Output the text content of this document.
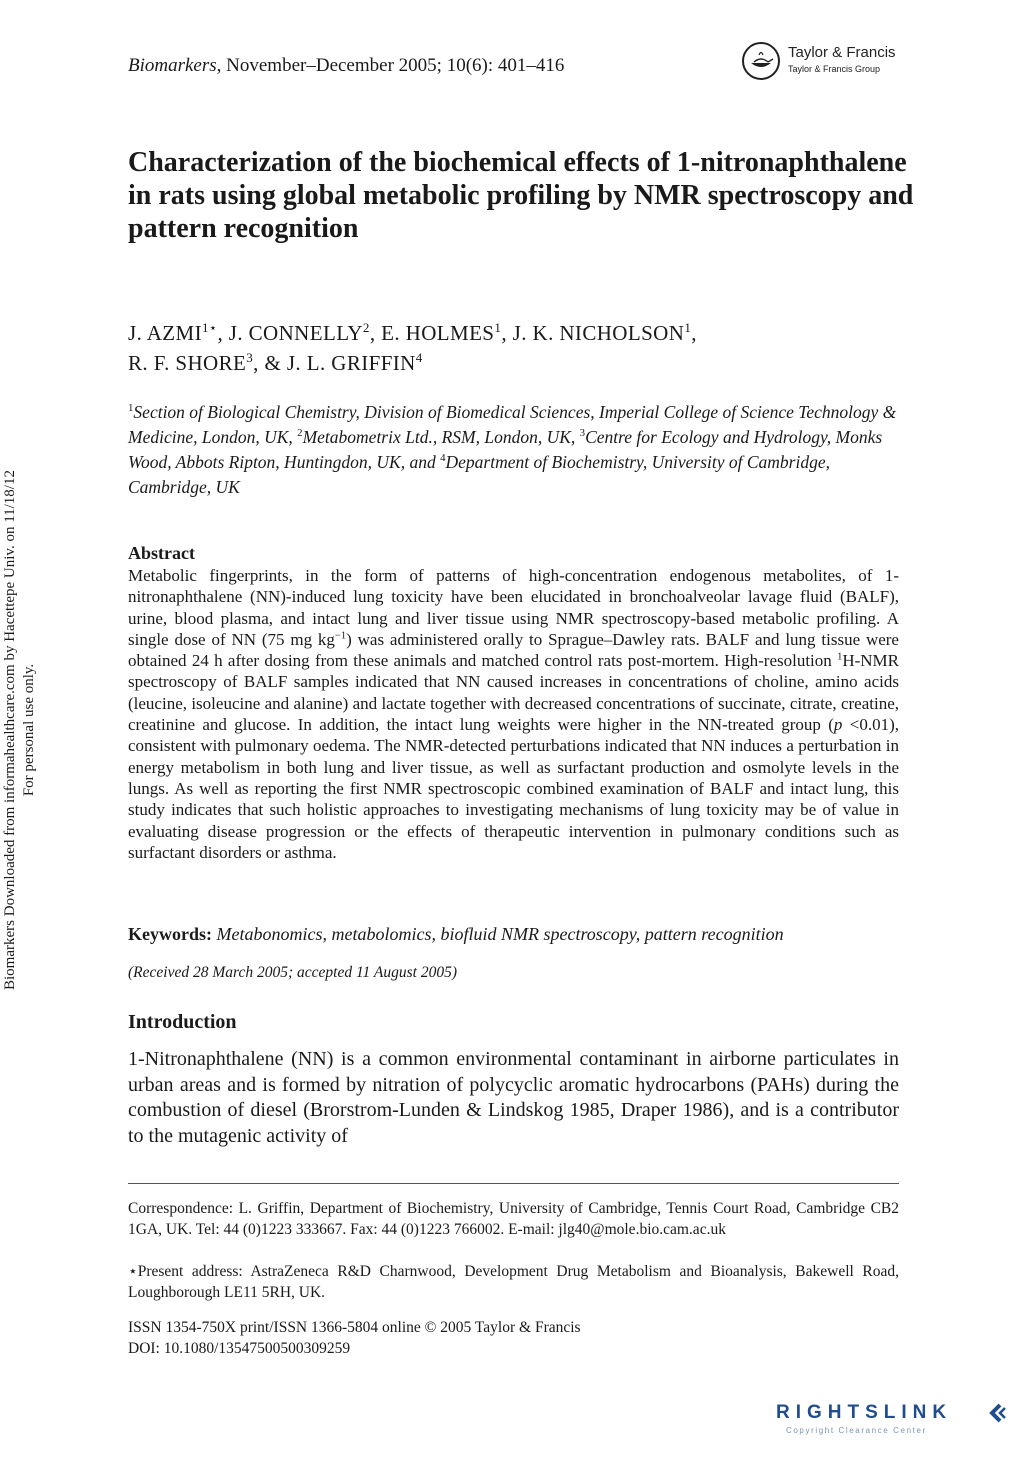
Biomarkers, November–December 2005; 10(6): 401–416
Taylor & Francis
Taylor & Francis Group
Characterization of the biochemical effects of 1-nitronaphthalene in rats using global metabolic profiling by NMR spectroscopy and pattern recognition
J. $AZMI^{1⋆}$, J. CONNELLY$^2$, E. HOLMES$^1$, J. K. NICHOLSON$^1$,
R. F. SHORE$^3$, & J. L. GRIFFIN$^4$
$^1$Section of Biological Chemistry, Division of Biomedical Sciences, Imperial College of Science Technology & Medicine, London, UK, $^2$Metabometrix Ltd., RSM, London, UK, $^3$Centre for Ecology and Hydrology, Monks Wood, Abbots Ripton, Huntingdon, UK, and $^4$Department of Biochemistry, University of Cambridge, Cambridge, UK
Abstract
Metabolic fingerprints, in the form of patterns of high-concentration endogenous metabolites, of 1-nitronaphthalene (NN)-induced lung toxicity have been elucidated in bronchoalveolar lavage fluid (BALF), urine, blood plasma, and intact lung and liver tissue using NMR spectroscopy-based metabolic profiling. A single dose of NN (75 mg $kg^{-1}$) was administered orally to Sprague–Dawley rats. BALF and lung tissue were obtained 24 h after dosing from these animals and matched control rats post-mortem. High-resolution $^1$H-NMR spectroscopy of BALF samples indicated that NN caused increases in concentrations of choline, amino acids (leucine, isoleucine and alanine) and lactate together with decreased concentrations of succinate, citrate, creatine, creatinine and glucose. In addition, the intact lung weights were higher in the NN-treated group (p <0.01), consistent with pulmonary oedema. The NMR-detected perturbations indicated that NN induces a perturbation in energy metabolism in both lung and liver tissue, as well as surfactant production and osmolyte levels in the lungs. As well as reporting the first NMR spectroscopic combined examination of BALF and intact lung, this study indicates that such holistic approaches to investigating mechanisms of lung toxicity may be of value in evaluating disease progression or the effects of therapeutic intervention in pulmonary conditions such as surfactant disorders or asthma.
Keywords: Metabonomics, metabolomics, biofluid NMR spectroscopy, pattern recognition
(Received 28 March 2005; accepted 11 August 2005)
Introduction
1-Nitronaphthalene (NN) is a common environmental contaminant in airborne particulates in urban areas and is formed by nitration of polycyclic aromatic hydrocarbons (PAHs) during the combustion of diesel (Brorstrom-Lunden & Lindskog 1985, Draper 1986), and is a contributor to the mutagenic activity of
Correspondence: L. Griffin, Department of Biochemistry, University of Cambridge, Tennis Court Road, Cambridge CB2 1GA, UK. Tel: 44 (0)1223 333667. Fax: 44 (0)1223 766002. E-mail: jlg40@mole.bio.cam.ac.uk
⋆Present address: AstraZeneca R&D Charnwood, Development Drug Metabolism and Bioanalysis, Bakewell Road, Loughborough LE11 5RH, UK.
ISSN 1354-750X print/ISSN 1366-5804 online © 2005 Taylor & Francis
DOI: 10.1080/13547500500309259
Biomarkers Downloaded from informahealthcare.com by Hacettepe Univ. on 11/18/12 For personal use only.
RIGHTSLINK
Copyright Clearance Center
